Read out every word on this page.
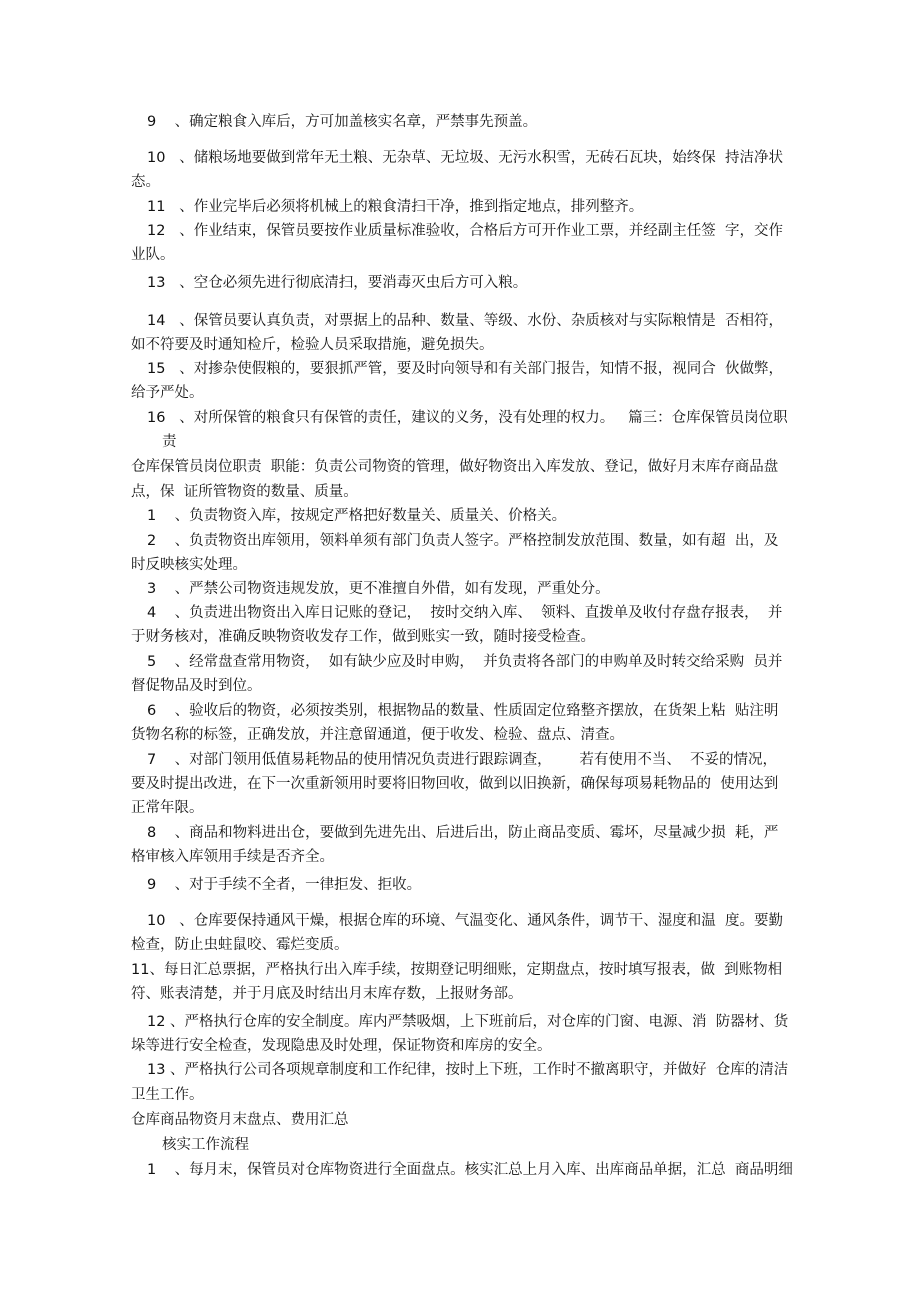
9    、确定粮食入库后，方可加盖核实名章，严禁事先预盖。
10   、储粮场地要做到常年无土粮、无杂草、无垃圾、无污水积雪，无砖石瓦块，始终保  持洁净状
态。
11   、作业完毕后必须将机械上的粮食清扫干净，推到指定地点，排列整齐。
12   、作业结束，保管员要按作业质量标准验收，合格后方可开作业工票，并经副主任签  字，交作
业队。
13   、空仓必须先进行彻底清扫，要消毒灭虫后方可入粮。
14   、保管员要认真负责，对票据上的品种、数量、等级、水份、杂质核对与实际粮情是  否相符，
如不符要及时通知检斤，检验人员采取措施，避免损失。
15   、对掺杂使假粮的，要狠抓严管，要及时向领导和有关部门报告，知情不报，视同合  伙做弊，
给予严处。
16   、对所保管的粮食只有保管的责任，建议的义务，没有处理的权力。   篇三：仓库保管员岗位职
责
仓库保管员岗位职责  职能：负责公司物资的管理，做好物资出入库发放、登记，做好月末库存商品盘
点，保  证所管物资的数量、质量。
1    、负责物资入库，按规定严格把好数量关、质量关、价格关。
2    、负责物资出库领用，领料单须有部门负责人签字。严格控制发放范围、数量，如有超  出，及
时反映核实处理。
3    、严禁公司物资违规发放，更不准擅自外借，如有发现，严重处分。
4    、负责进出物资出入库日记账的登记，  按时交纳入库、  领料、直拨单及收付存盘存报表，  并
于财务核对，准确反映物资收发存工作，做到账实一致，随时接受检查。
5    、经常盘查常用物资，  如有缺少应及时申购，  并负责将各部门的申购单及时转交给采购  员并
督促物品及时到位。
6    、验收后的物资，必须按类别，根据物品的数量、性质固定位臵整齐摆放，在货架上粘  贴注明
货物名称的标签，正确发放，并注意留通道，便于收发、检验、盘点、清查。
7    、对部门领用低值易耗物品的使用情况负责进行跟踪调查，      若有使用不当、  不妥的情况，
要及时提出改进，在下一次重新领用时要将旧物回收，做到以旧换新，确保每项易耗物品的  使用达到
正常年限。
8    、商品和物料进出仓，要做到先进先出、后进后出，防止商品变质、霉坏，尽量减少损  耗，严
格审核入库领用手续是否齐全。
9    、对于手续不全者，一律拒发、拒收。
10   、仓库要保持通风干燥，根据仓库的环境、气温变化、通风条件，调节干、湿度和温  度。要勤
检查，防止虫蛀鼠咬、霉烂变质。
11、每日汇总票据，严格执行出入库手续，按期登记明细账，定期盘点，按时填写报表，做  到账物相
符、账表清楚，并于月底及时结出月末库存数，上报财务部。
12 、严格执行仓库的安全制度。库内严禁吸烟，上下班前后，对仓库的门窗、电源、消  防器材、货
垛等进行安全检查，发现隐患及时处理，保证物资和库房的安全。
13 、严格执行公司各项规章制度和工作纪律，按时上下班，工作时不撤离职守，并做好  仓库的清洁
卫生工作。
仓库商品物资月末盘点、费用汇总
核实工作流程
1    、每月末，保管员对仓库物资进行全面盘点。核实汇总上月入库、出库商品单据，汇总  商品明细
